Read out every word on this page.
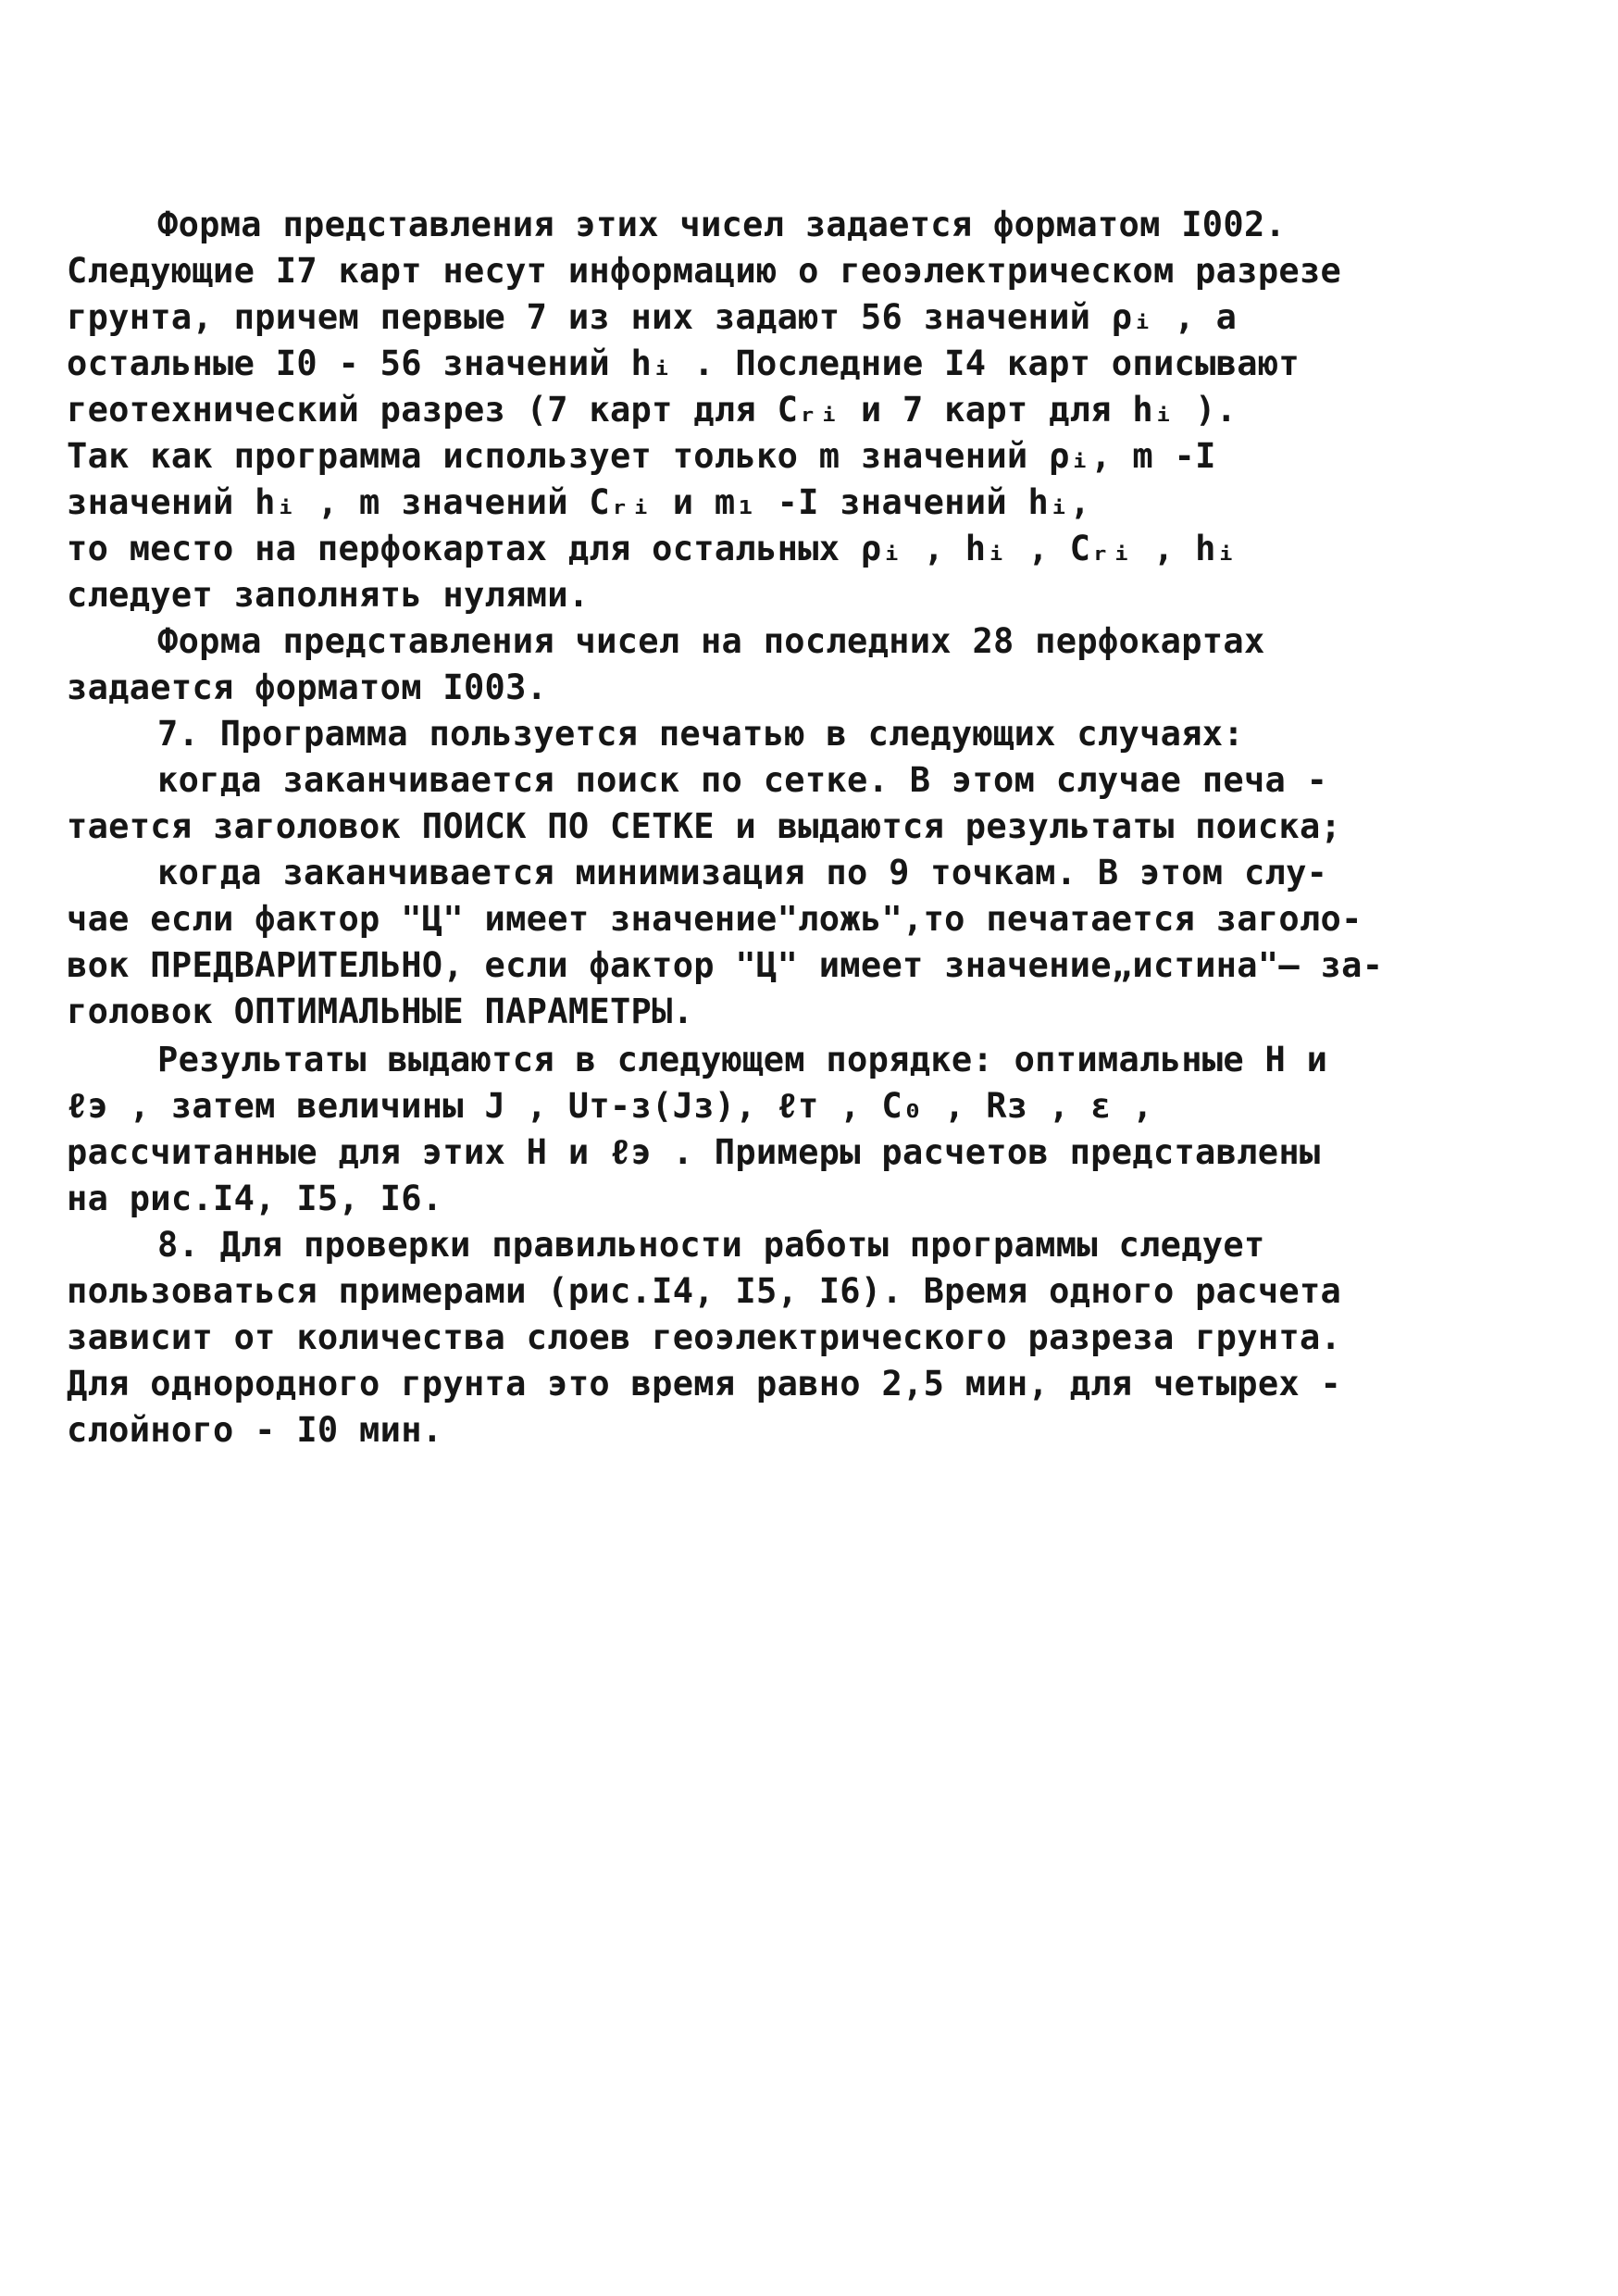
Форма представления этих чисел задается форматом I002.
Следующие I7 карт несут информацию о геоэлектрическом разрезе
грунта, причем первые 7 из них задают 56 значений ρᵢ , а
остальные I0 - 56 значений hᵢ . Последние I4 карт описывают
геотехнический разрез (7 карт для Cᵣᵢ и 7 карт для hᵢ ).
Так как программа использует только m значений ρᵢ, m -I
значений hᵢ , m значений Cᵣᵢ и m₁ -I значений hᵢ,
то место на перфокартах для остальных ρᵢ , hᵢ , Cᵣᵢ , hᵢ
следует заполнять нулями.
Форма представления чисел на последних 28 перфокартах
задается форматом I003.
7. Программа пользуется печатью в следующих случаях:
когда заканчивается поиск по сетке. В этом случае печа -
тается заголовок ПОИСК ПО СЕТКЕ и выдаются результаты поиска;
когда заканчивается минимизация по 9 точкам. В этом слу-
чае если фактор "Ц" имеет значение"ложь",то печатается заголо-
вок ПРЕДВАРИТЕЛЬНО, если фактор "Ц" имеет значение„истина"– за-
головок ОПТИМАЛЬНЫЕ ПАРАМЕТРЫ.
Результаты выдаются в следующем порядке: оптимальные H и
ℓэ , затем величины J , Uт-з(Jз), ℓт , C₀ , Rз , ε ,
рассчитанные для этих H и ℓэ . Примеры расчетов представлены
на рис.I4, I5, I6.
8. Для проверки правильности работы программы следует
пользоваться примерами (рис.I4, I5, I6). Время одного расчета
зависит от количества слоев геоэлектрического разреза грунта.
Для однородного грунта это время равно 2,5 мин, для четырех -
слойного - I0 мин.
